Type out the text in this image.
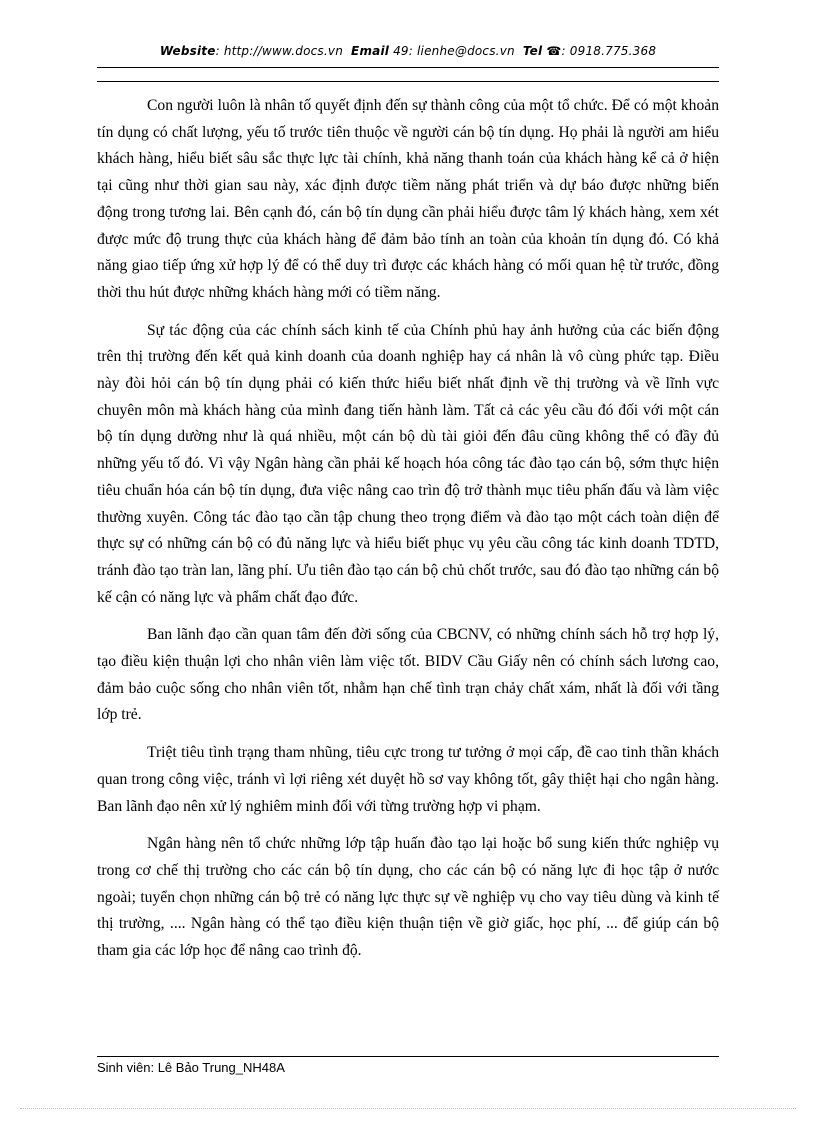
Website: http://www.docs.vn Email 49: lienhe@docs.vn Tel ☎: 0918.775.368

Con người luôn là nhân tố quyết định đến sự thành công của một tổ chức. Để có một khoản tín dụng có chất lượng, yếu tố trước tiên thuộc về người cán bộ tín dụng. Họ phải là người am hiểu khách hàng, hiểu biết sâu sắc thực lực tài chính, khả năng thanh toán của khách hàng kể cả ở hiện tại cũng như thời gian sau này, xác định được tiềm năng phát triển và dự báo được những biến động trong tương lai. Bên cạnh đó, cán bộ tín dụng cần phải hiểu được tâm lý khách hàng, xem xét được mức độ trung thực của khách hàng để đảm bảo tính an toàn của khoản tín dụng đó. Có khả năng giao tiếp ứng xử hợp lý để có thể duy trì được các khách hàng có mối quan hệ từ trước, đồng thời thu hút được những khách hàng mới có tiềm năng.

Sự tác động của các chính sách kinh tế của Chính phủ hay ảnh hưởng của các biến động trên thị trường đến kết quả kinh doanh của doanh nghiệp hay cá nhân là vô cùng phức tạp. Điều này đòi hỏi cán bộ tín dụng phải có kiến thức hiểu biết nhất định về thị trường và về lĩnh vực chuyên môn mà khách hàng của mình đang tiến hành làm. Tất cả các yêu cầu đó đối với một cán bộ tín dụng dường như là quá nhiều, một cán bộ dù tài giỏi đến đâu cũng không thể có đầy đủ những yếu tố đó. Vì vậy Ngân hàng cần phải kế hoạch hóa công tác đào tạo cán bộ, sớm thực hiện tiêu chuẩn hóa cán bộ tín dụng, đưa việc nâng cao trìn độ trở thành mục tiêu phấn đấu và làm việc thường xuyên. Công tác đào tạo cần tập chung theo trọng điểm và đào tạo một cách toàn diện để thực sự có những cán bộ có đủ năng lực và hiểu biết phục vụ yêu cầu công tác kinh doanh TDTD, tránh đào tạo tràn lan, lãng phí. Ưu tiên đào tạo cán bộ chủ chốt trước, sau đó đào tạo những cán bộ kế cận có năng lực và phẩm chất đạo đức.

Ban lãnh đạo cần quan tâm đến đời sống của CBCNV, có những chính sách hỗ trợ hợp lý, tạo điều kiện thuận lợi cho nhân viên làm việc tốt. BIDV Cầu Giấy nên có chính sách lương cao, đảm bảo cuộc sống cho nhân viên tốt, nhằm hạn chế tình trạn chảy chất xám, nhất là đối với tầng lớp trẻ.

Triệt tiêu tình trạng tham nhũng, tiêu cực trong tư tưởng ở mọi cấp, đề cao tinh thần khách quan trong công việc, tránh vì lợi riêng xét duyệt hồ sơ vay không tốt, gây thiệt hại cho ngân hàng. Ban lãnh đạo nên xử lý nghiêm minh đối với từng trường hợp vi phạm.

Ngân hàng nên tổ chức những lớp tập huấn đào tạo lại hoặc bổ sung kiến thức nghiệp vụ trong cơ chế thị trường cho các cán bộ tín dụng, cho các cán bộ có năng lực đi học tập ở nước ngoài; tuyển chọn những cán bộ trẻ có năng lực thực sự về nghiệp vụ cho vay tiêu dùng và kinh tế thị trường, .... Ngân hàng có thể tạo điều kiện thuận tiện về giờ giấc, học phí, ... để giúp cán bộ tham gia các lớp học để nâng cao trình độ.

Sinh viên: Lê Bảo Trung_NH48A
